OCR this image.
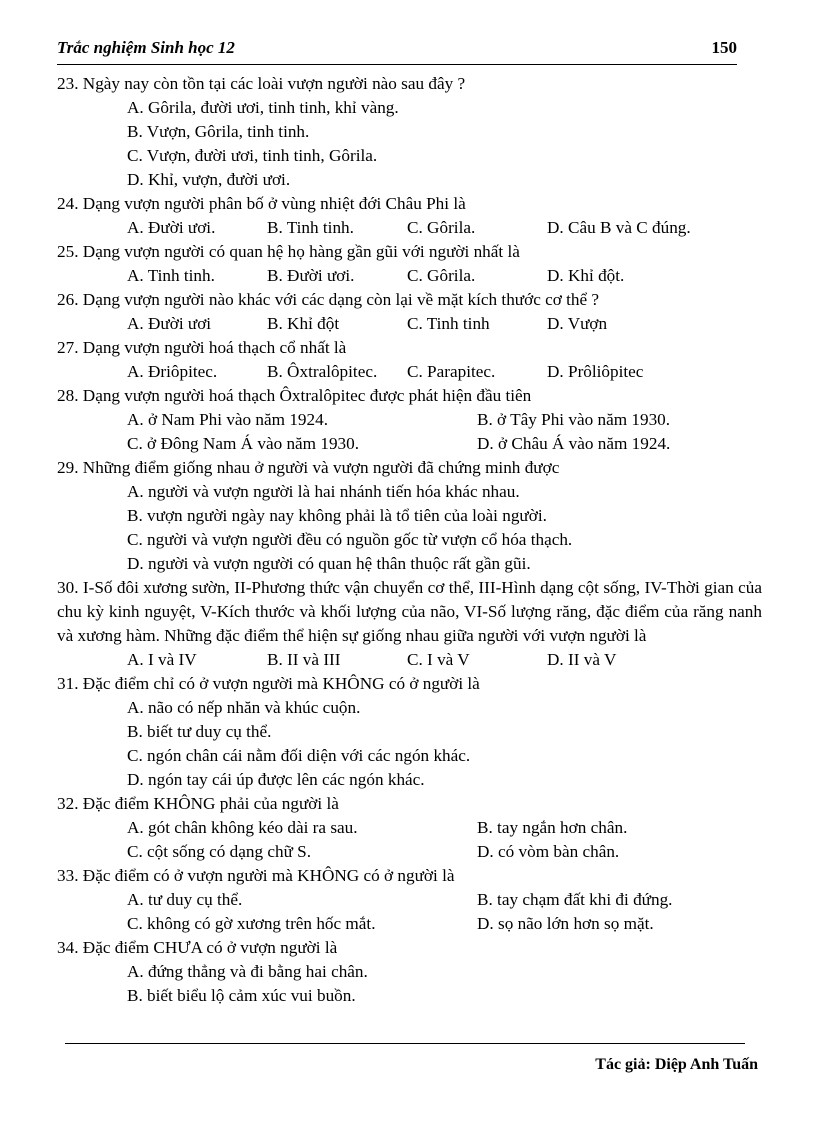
Trắc nghiệm Sinh học 12	150

23. Ngày nay còn tồn tại các loài vượn người nào sau đây ?

A. Gôrila, đười ươi, tinh tinh, khỉ vàng.

B. Vượn, Gôrila, tinh tinh.

C. Vượn, đười ươi, tinh tinh, Gôrila.

D. Khỉ, vượn, đười ươi.

24. Dạng vượn người phân bố ở vùng nhiệt đới Châu Phi là

A. Đười ươi.	B. Tinh tinh.	C. Gôrila.	D. Câu B và C đúng.

25. Dạng vượn người có quan hệ họ hàng gần gũi với người nhất là

A. Tinh tinh.	B. Đười ươi.	C. Gôrila.	D. Khỉ đột.

26. Dạng vượn người nào khác với các dạng còn lại về mặt kích thước cơ thể ?

A. Đười ươi	B. Khỉ đột	C. Tinh tinh	D. Vượn

27. Dạng vượn người hoá thạch cổ nhất là

A. Đriôpitec.	B. Ôxtralôpitec.	C. Parapitec.	D. Prôliôpitec

28. Dạng vượn người hoá thạch Ôxtralôpitec được phát hiện đầu tiên

A. ở Nam Phi vào năm 1924.	B. ở Tây Phi vào năm 1930.
C. ở Đông Nam Á vào năm 1930.	D. ở Châu Á vào năm 1924.

29. Những điểm giống nhau ở người và vượn người đã chứng minh được

A. người và vượn người là hai nhánh tiến hóa khác nhau.

B. vượn người ngày nay không phải là tổ tiên của loài người.

C. người và vượn người đều có nguồn gốc từ vượn cổ hóa thạch.

D. người và vượn người có quan hệ thân thuộc rất gần gũi.

30. I-Số đôi xương sườn, II-Phương thức vận chuyển cơ thể, III-Hình dạng cột sống, IV-Thời gian của chu kỳ kinh nguyệt, V-Kích thước và khối lượng của não, VI-Số lượng răng, đặc điểm của răng nanh và xương hàm. Những đặc điểm thể hiện sự giống nhau giữa người với vượn người là

A. I và IV	B. II và III	C. I và V	D. II và V

31. Đặc điểm chỉ có ở vượn người mà KHÔNG có ở người là

A. não có nếp nhăn và khúc cuộn.

B. biết tư duy cụ thể.

C. ngón chân cái nằm đối diện với các ngón khác.

D. ngón tay cái úp được lên các ngón khác.

32. Đặc điểm KHÔNG phải của người là

A. gót chân không kéo dài ra sau.	B. tay ngắn hơn chân.
C. cột sống có dạng chữ S.	D. có vòm bàn chân.

33. Đặc điểm có ở vượn người mà KHÔNG có ở người là

A. tư duy cụ thể.	B. tay chạm đất khi đi đứng.
C. không có gờ xương trên hốc mắt.	D. sọ não lớn hơn sọ mặt.

34. Đặc điểm CHƯA có ở vượn người là

A. đứng thẳng và đi bằng hai chân.

B. biết biểu lộ cảm xúc vui buồn.

Tác giả: Diệp Anh Tuấn
